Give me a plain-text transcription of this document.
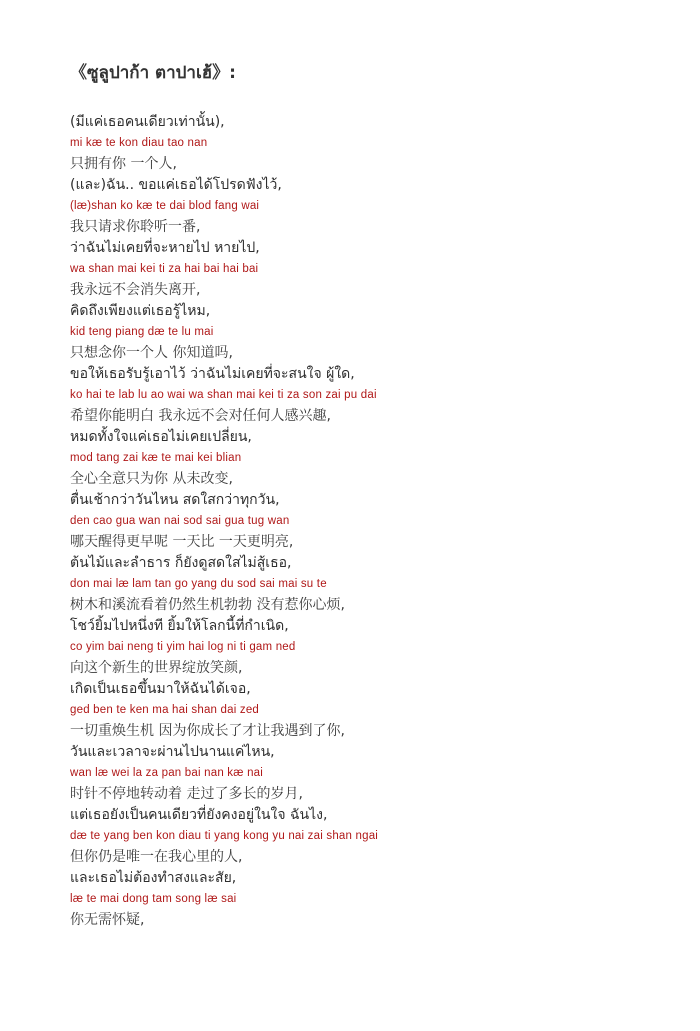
《ซูลูปาก้า ตาปาเฮ้》:
(มีแค่เธอคนเดียวเท่านั้น),
mi kæ te kon diau tao nan
只拥有你 一个人,
(และ)ฉัน.. ขอแค่เธอได้โปรดฟังไว้,
(læ)shan ko kæ te dai blod fang wai
我只请求你聆听一番,
ว่าฉันไม่เคยที่จะหายไป หายไป,
wa shan mai kei ti za hai bai hai bai
我永远不会消失离开,
คิดถึงเพียงแต่เธอรู้ไหม,
kid teng piang dæ te lu mai
只想念你一个人 你知道吗,
ขอให้เธอรับรู้เอาไว้ ว่าฉันไม่เคยที่จะสนใจ ผู้ใด,
ko hai te lab lu ao wai wa shan mai kei ti za son zai pu dai
希望你能明白 我永远不会对任何人感兴趣,
หมดทั้งใจแค่เธอไม่เคยเปลี่ยน,
mod tang zai kæ te mai kei blian
全心全意只为你 从未改变,
ตื่นเช้ากว่าวันไหน สดใสกว่าทุกวัน,
den cao gua wan nai sod sai gua tug wan
哪天醒得更早呢 一天比 一天更明亮,
ต้นไม้และลำธาร ก็ยังดูสดใสไม่สู้เธอ,
don mai læ lam tan go yang du sod sai mai su te
树木和溪流看着仍然生机勃勃 没有惹你心烦,
โชว์ยิ้มไปหนึ่งที ยิ้มให้โลกนี้ที่กำเนิด,
co yim bai neng ti yim hai log ni ti gam ned
向这个新生的世界绽放笑颜,
เกิดเป็นเธอขึ้นมาให้ฉันได้เจอ,
ged ben te ken ma hai shan dai zed
一切重焕生机 因为你成长了才让我遇到了你,
วันและเวลาจะผ่านไปนานแค่ไหน,
wan læ wei la za pan bai nan kæ nai
时针不停地转动着 走过了多长的岁月,
แต่เธอยังเป็นคนเดียวที่ยังคงอยู่ในใจ ฉันไง,
dæ te yang ben kon diau ti yang kong yu nai zai shan ngai
但你仍是唯一在我心里的人,
และเธอไม่ต้องทำสงและสัย,
læ te mai dong tam song læ sai
你无需怀疑,
